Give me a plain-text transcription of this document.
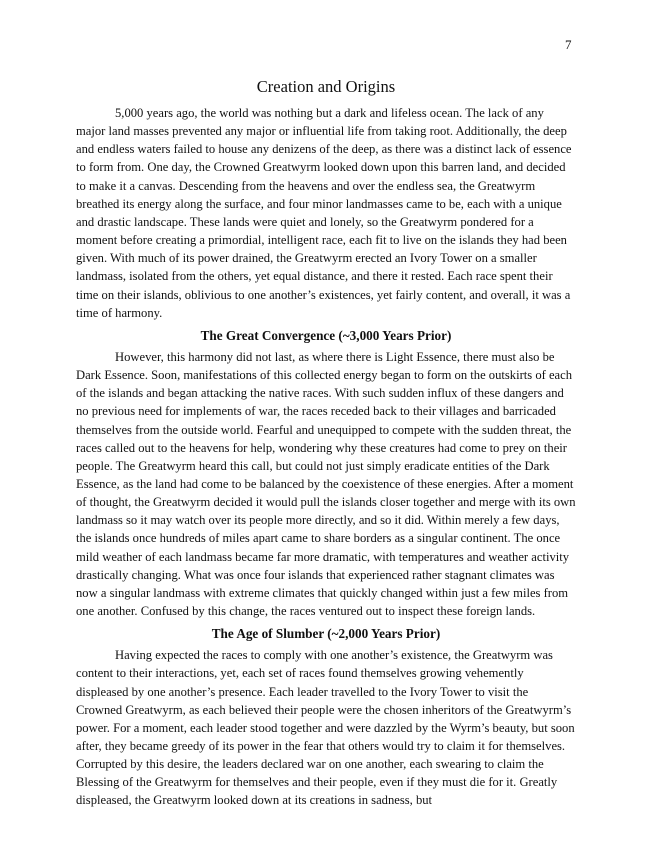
7
Creation and Origins

5,000 years ago, the world was nothing but a dark and lifeless ocean. The lack of any major land masses prevented any major or influential life from taking root. Additionally, the deep and endless waters failed to house any denizens of the deep, as there was a distinct lack of essence to form from. One day, the Crowned Greatwyrm looked down upon this barren land, and decided to make it a canvas. Descending from the heavens and over the endless sea, the Greatwyrm breathed its energy along the surface, and four minor landmasses came to be, each with a unique and drastic landscape. These lands were quiet and lonely, so the Greatwyrm pondered for a moment before creating a primordial, intelligent race, each fit to live on the islands they had been given. With much of its power drained, the Greatwyrm erected an Ivory Tower on a smaller landmass, isolated from the others, yet equal distance, and there it rested. Each race spent their time on their islands, oblivious to one another’s existences, yet fairly content, and overall, it was a time of harmony.

The Great Convergence (~3,000 Years Prior)

However, this harmony did not last, as where there is Light Essence, there must also be Dark Essence. Soon, manifestations of this collected energy began to form on the outskirts of each of the islands and began attacking the native races. With such sudden influx of these dangers and no previous need for implements of war, the races receded back to their villages and barricaded themselves from the outside world. Fearful and unequipped to compete with the sudden threat, the races called out to the heavens for help, wondering why these creatures had come to prey on their people. The Greatwyrm heard this call, but could not just simply eradicate entities of the Dark Essence, as the land had come to be balanced by the coexistence of these energies. After a moment of thought, the Greatwyrm decided it would pull the islands closer together and merge with its own landmass so it may watch over its people more directly, and so it did. Within merely a few days, the islands once hundreds of miles apart came to share borders as a singular continent. The once mild weather of each landmass became far more dramatic, with temperatures and weather activity drastically changing. What was once four islands that experienced rather stagnant climates was now a singular landmass with extreme climates that quickly changed within just a few miles from one another. Confused by this change, the races ventured out to inspect these foreign lands.

The Age of Slumber (~2,000 Years Prior)

Having expected the races to comply with one another’s existence, the Greatwyrm was content to their interactions, yet, each set of races found themselves growing vehemently displeased by one another’s presence. Each leader travelled to the Ivory Tower to visit the Crowned Greatwyrm, as each believed their people were the chosen inheritors of the Greatwyrm’s power. For a moment, each leader stood together and were dazzled by the Wyrm’s beauty, but soon after, they became greedy of its power in the fear that others would try to claim it for themselves. Corrupted by this desire, the leaders declared war on one another, each swearing to claim the Blessing of the Greatwyrm for themselves and their people, even if they must die for it. Greatly displeased, the Greatwyrm looked down at its creations in sadness, but
